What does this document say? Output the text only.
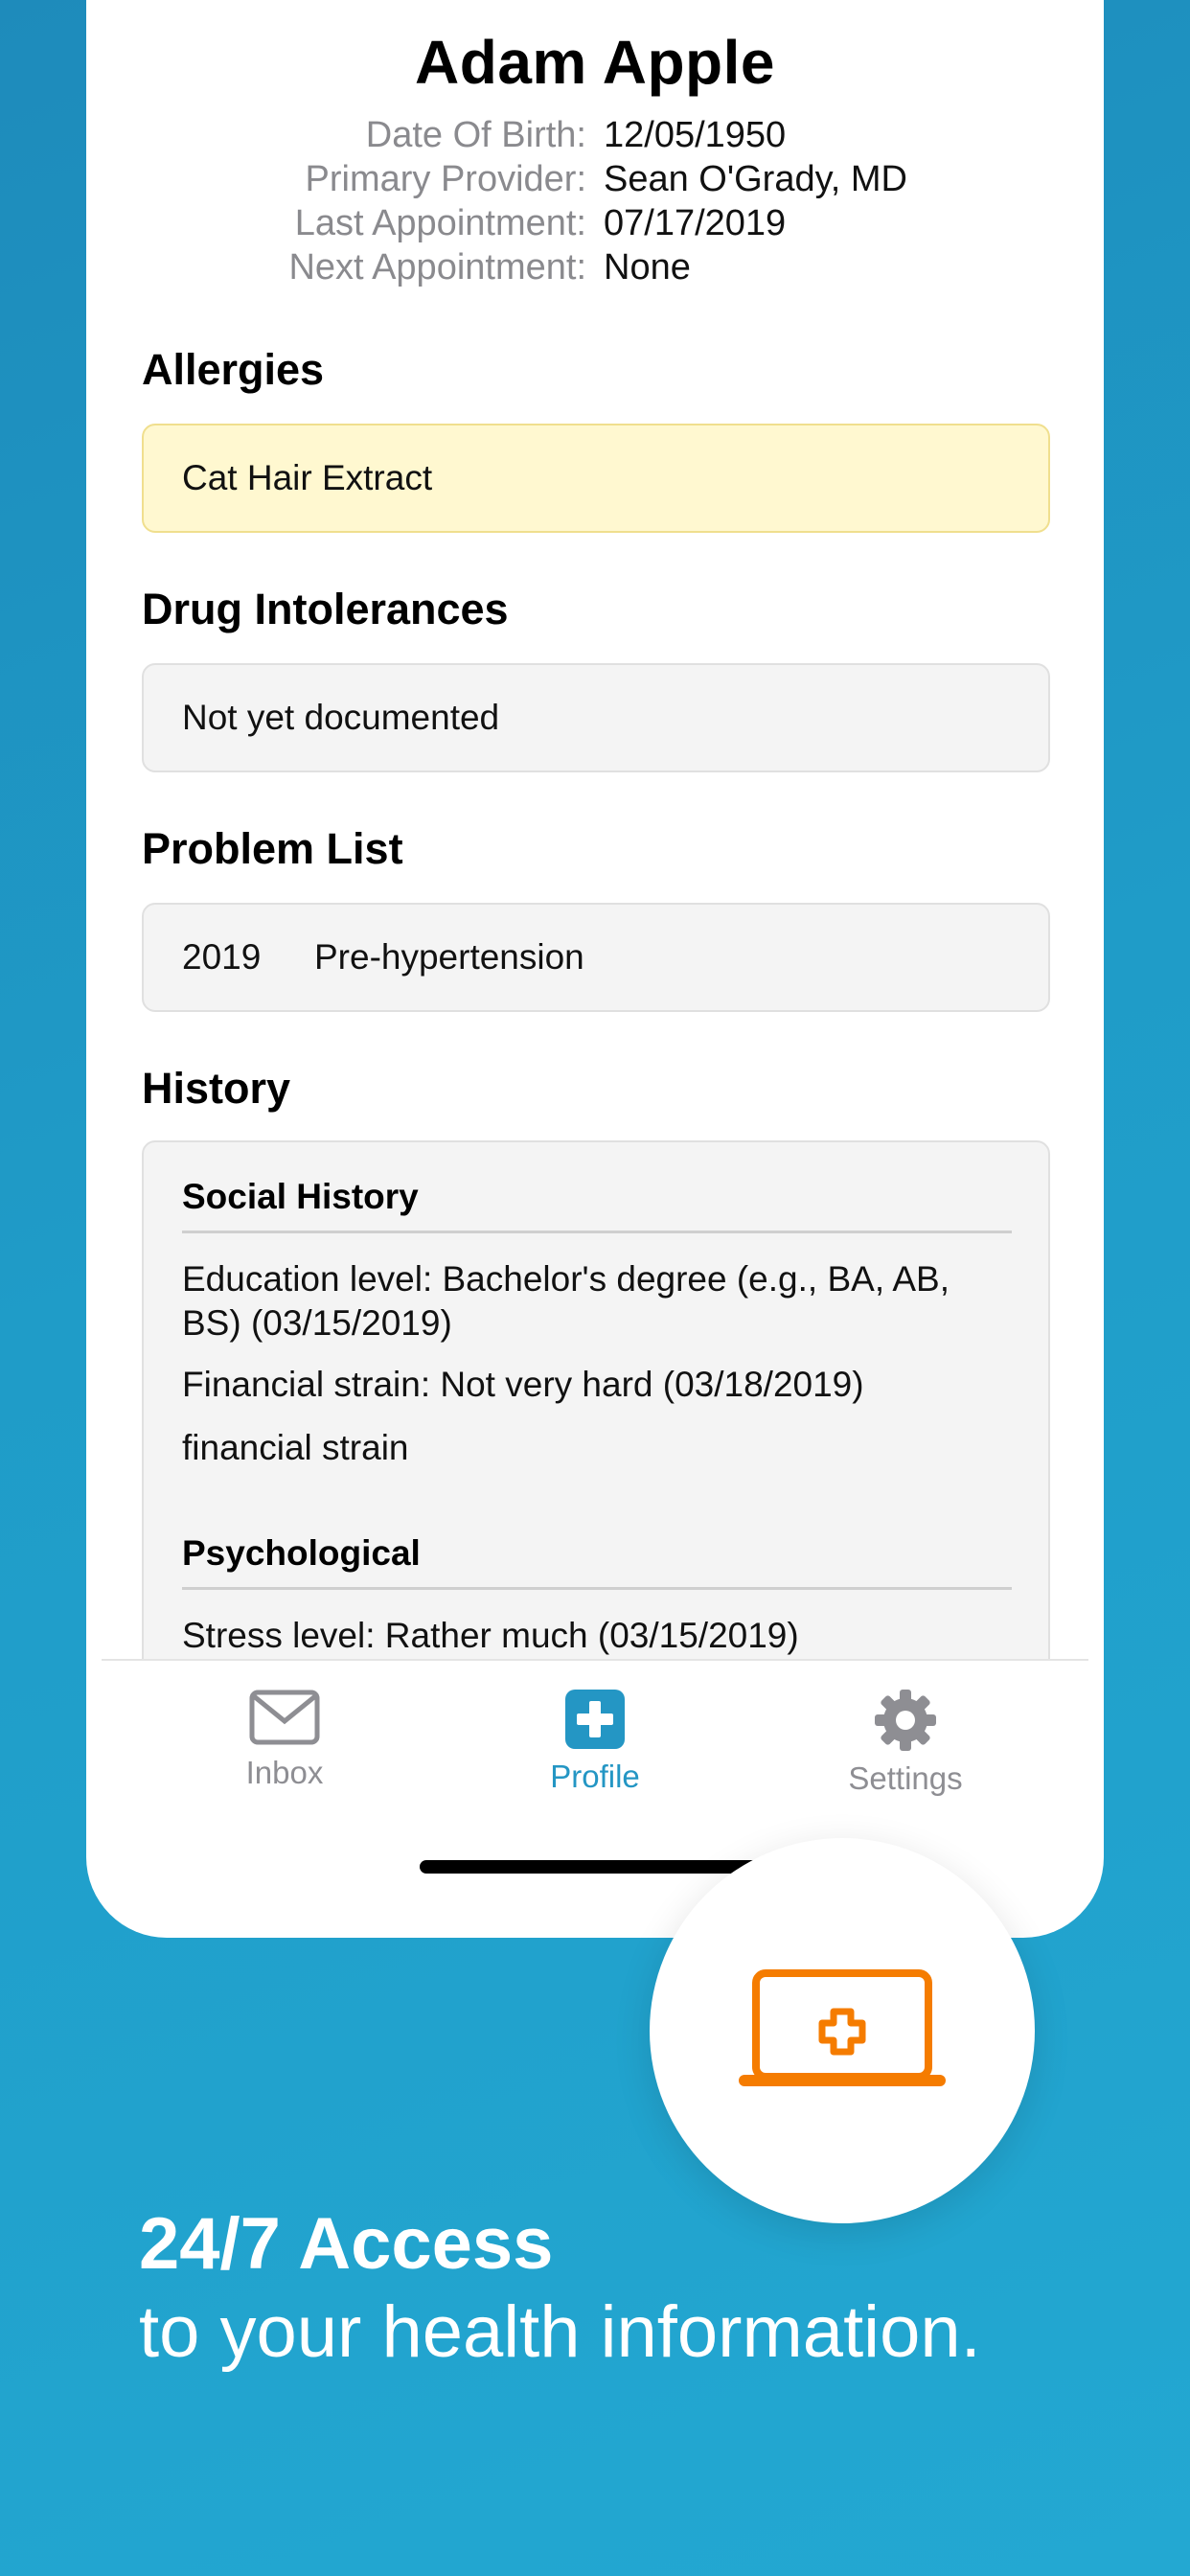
Adam Apple
Date Of Birth: 12/05/1950
Primary Provider: Sean O'Grady, MD
Last Appointment: 07/17/2019
Next Appointment: None
Allergies
Cat Hair Extract
Drug Intolerances
Not yet documented
Problem List
2019 Pre-hypertension
History
Social History
Education level: Bachelor's degree (e.g., BA, AB, BS) (03/15/2019)
Financial strain: Not very hard (03/18/2019)
financial strain
Psychological
Stress level: Rather much (03/15/2019)
Inbox	Profile	Settings
24/7 Access
to your health information.
